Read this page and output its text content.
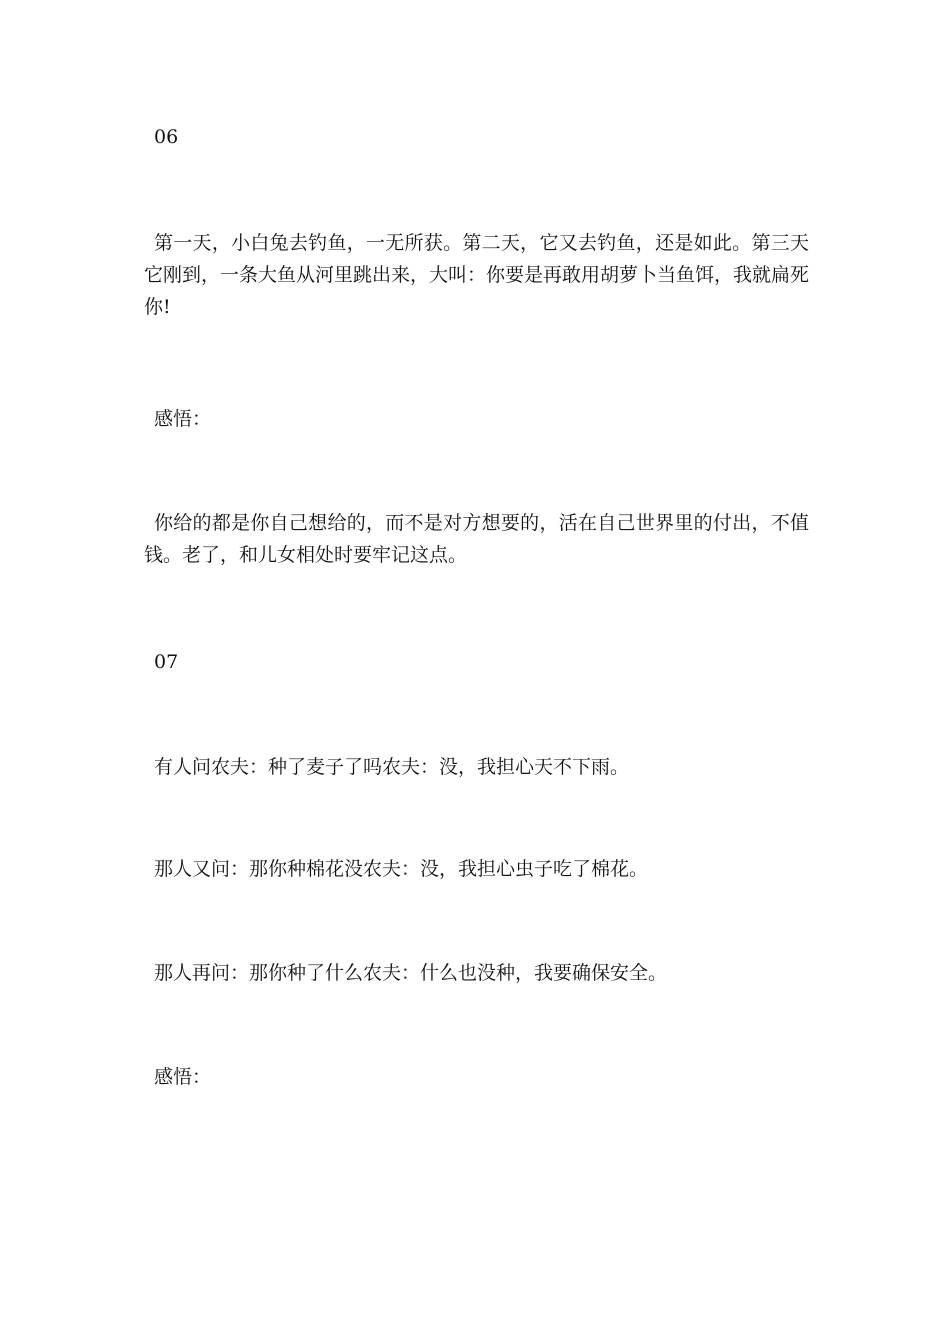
06

第一天，小白兔去钓鱼，一无所获。第二天，它又去钓鱼，还是如此。第三天它刚到，一条大鱼从河里跳出来，大叫：你要是再敢用胡萝卜当鱼饵，我就扁死你!

感悟：

你给的都是你自己想给的，而不是对方想要的，活在自己世界里的付出，不值钱。老了，和儿女相处时要牢记这点。

07

有人问农夫：种了麦子了吗农夫：没，我担心天不下雨。

那人又问：那你种棉花没农夫：没，我担心虫子吃了棉花。

那人再问：那你种了什么农夫：什么也没种，我要确保安全。

感悟：
